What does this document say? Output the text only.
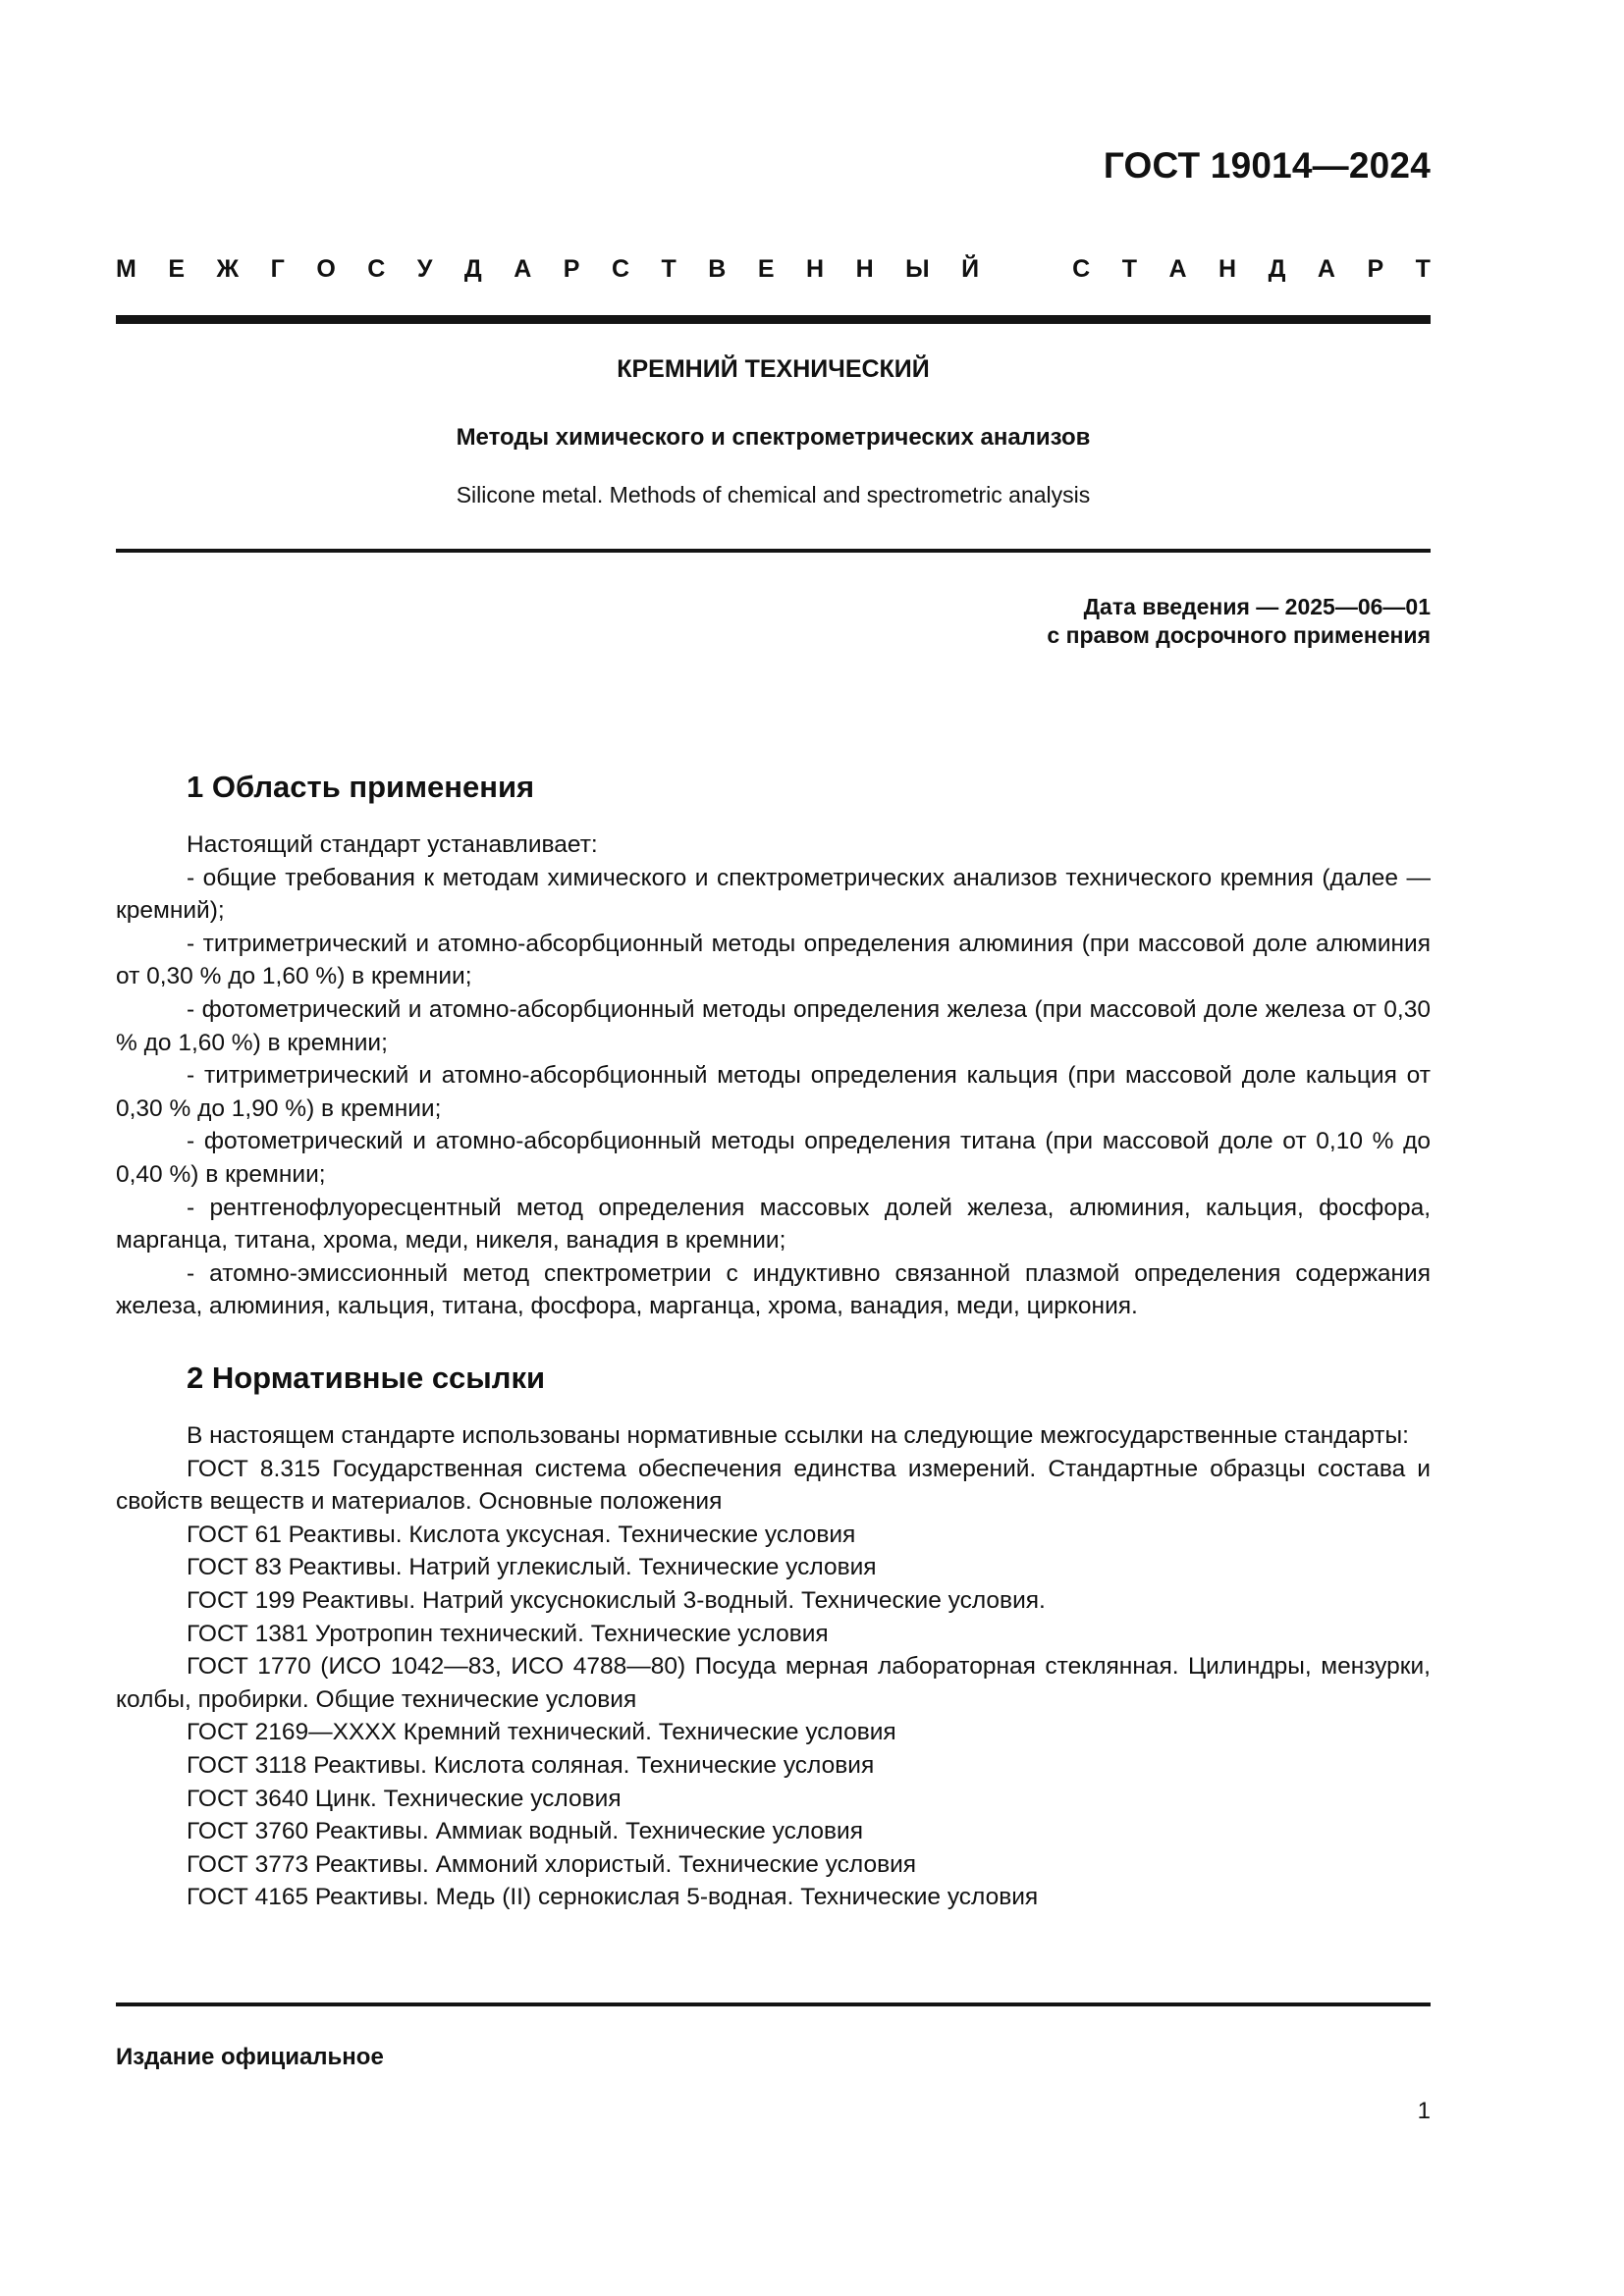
ГОСТ 19014—2024
М Е Ж Г О С У Д А Р С Т В Е Н Н Ы Й	С Т А Н Д А Р Т
КРЕМНИЙ ТЕХНИЧЕСКИЙ
Методы химического и спектрометрических анализов
Silicone metal. Methods of chemical and spectrometric analysis
Дата введения — 2025—06—01
с правом досрочного применения
1 Область применения

Настоящий стандарт устанавливает:

- общие требования к методам химического и спектрометрических анализов технического кремния (далее — кремний);

- титриметрический и атомно-абсорбционный методы определения алюминия (при массовой доле алюминия от 0,30 % до 1,60 %) в кремнии;

- фотометрический и атомно-абсорбционный методы определения железа (при массовой доле железа от 0,30 % до 1,60 %) в кремнии;

- титриметрический и атомно-абсорбционный методы определения кальция (при массовой доле кальция от 0,30 % до 1,90 %) в кремнии;

- фотометрический и атомно-абсорбционный методы определения титана (при массовой доле от 0,10 % до 0,40 %) в кремнии;

- рентгенофлуоресцентный метод определения массовых долей железа, алюминия, кальция, фосфора, марганца, титана, хрома, меди, никеля, ванадия в кремнии;

- атомно-эмиссионный метод спектрометрии с индуктивно связанной плазмой определения содержания железа, алюминия, кальция, титана, фосфора, марганца, хрома, ванадия, меди, циркония.

2 Нормативные ссылки

В настоящем стандарте использованы нормативные ссылки на следующие межгосударственные стандарты:

ГОСТ 8.315 Государственная система обеспечения единства измерений. Стандартные образцы состава и свойств веществ и материалов. Основные положения

ГОСТ 61 Реактивы. Кислота уксусная. Технические условия

ГОСТ 83 Реактивы. Натрий углекислый. Технические условия

ГОСТ 199 Реактивы. Натрий уксуснокислый 3-водный. Технические условия.

ГОСТ 1381 Уротропин технический. Технические условия

ГОСТ 1770 (ИСО 1042—83, ИСО 4788—80) Посуда мерная лабораторная стеклянная. Цилиндры, мензурки, колбы, пробирки. Общие технические условия

ГОСТ 2169—XXXX Кремний технический. Технические условия

ГОСТ 3118 Реактивы. Кислота соляная. Технические условия

ГОСТ 3640 Цинк. Технические условия

ГОСТ 3760 Реактивы. Аммиак водный. Технические условия

ГОСТ 3773 Реактивы. Аммоний хлористый. Технические условия

ГОСТ 4165 Реактивы. Медь (II) сернокислая 5-водная. Технические условия

Издание официальное
1
